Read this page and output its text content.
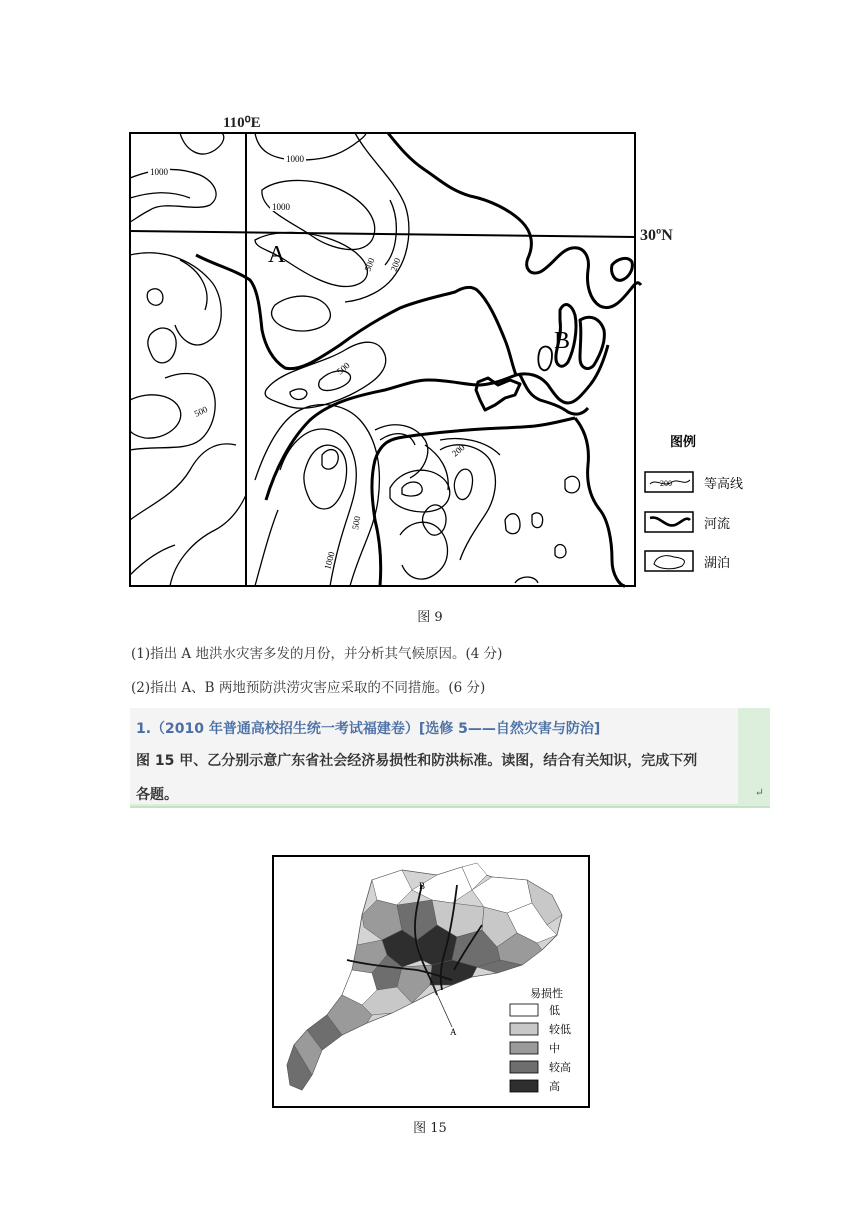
1000
1000
1000
500 200
500
500
200
500
1000
A
B
图例
200 等高线
河流
湖泊
110⁰E
30ºN
图 9
(1)指出 A 地洪水灾害多发的月份，并分析其气候原因。(4 分)
(2)指出 A、B 两地预防洪涝灾害应采取的不同措施。(6 分)
1.（2010 年普通高校招生统一考试福建卷）[选修 5——自然灾害与防治]
图 15 甲、乙分别示意广东省社会经济易损性和防洪标准。读图，结合有关知识，完成下列
各题。	↵
A
B
易损性
低
较低
中
较高
高
图 15
